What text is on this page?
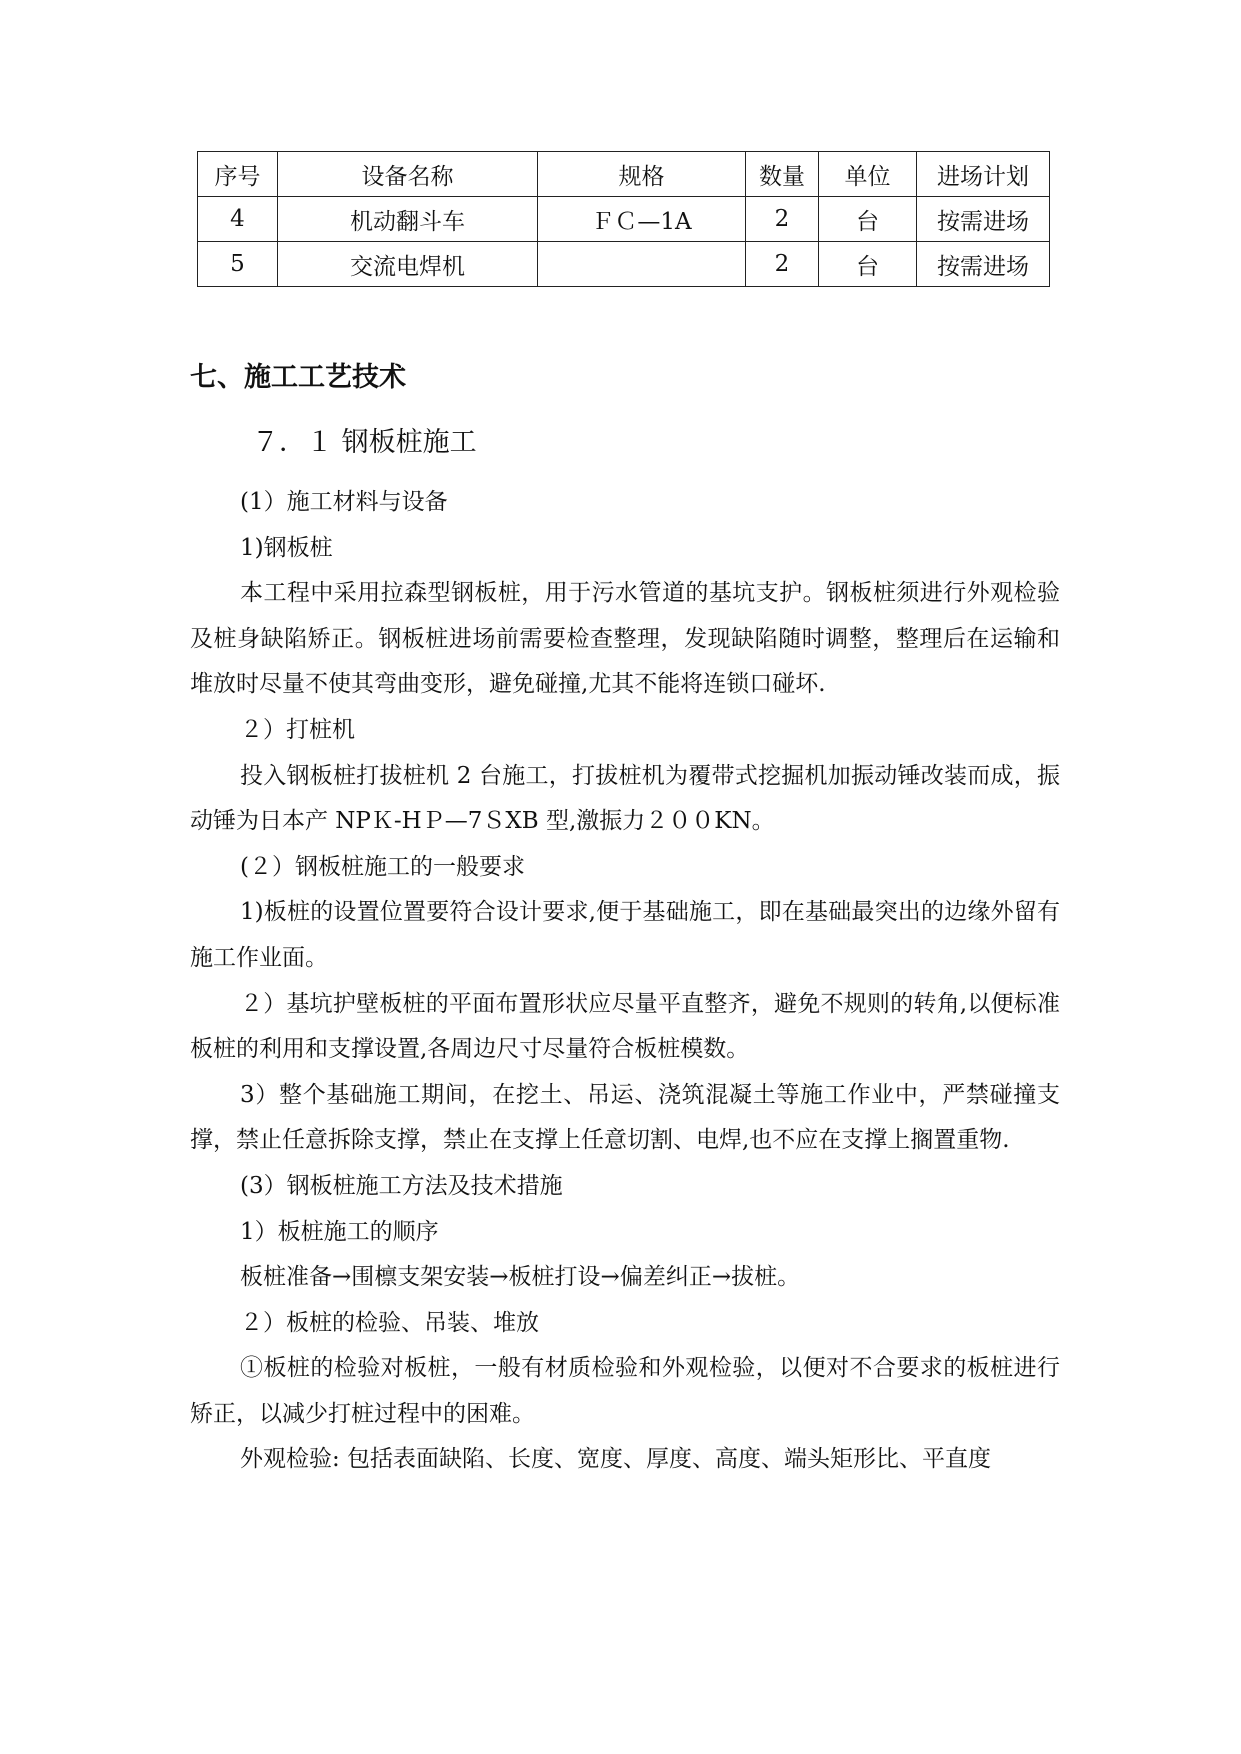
序号	设备名称	规格	数量	单位	进场计划
4	机动翻斗车	ＦＣ—1A	2	台	按需进场
5	交流电焊机		2	台	按需进场
七、施工工艺技术
７．１ 钢板桩施工

(1）施工材料与设备

1)钢板桩

本工程中采用拉森型钢板桩，用于污水管道的基坑支护。钢板桩须进行外观检验及桩身缺陷矫正。钢板桩进场前需要检查整理，发现缺陷随时调整，整理后在运输和堆放时尽量不使其弯曲变形，避免碰撞,尤其不能将连锁口碰坏.

２）打桩机

投入钢板桩打拔桩机 2 台施工，打拔桩机为覆带式挖掘机加振动锤改装而成，振动锤为日本产 NPＫ-HＰ—7ＳXB 型,激振力２００KN。

(２）钢板桩施工的一般要求

1)板桩的设置位置要符合设计要求,便于基础施工，即在基础最突出的边缘外留有施工作业面。

２）基坑护壁板桩的平面布置形状应尽量平直整齐，避免不规则的转角,以便标准板桩的利用和支撑设置,各周边尺寸尽量符合板桩模数。

3）整个基础施工期间，在挖土、吊运、浇筑混凝土等施工作业中，严禁碰撞支撑，禁止任意拆除支撑，禁止在支撑上任意切割、电焊,也不应在支撑上搁置重物.

(3）钢板桩施工方法及技术措施

1）板桩施工的顺序

板桩准备→围檩支架安装→板桩打设→偏差纠正→拔桩。

２）板桩的检验、吊装、堆放

①板桩的检验对板桩，一般有材质检验和外观检验，以便对不合要求的板桩进行矫正，以减少打桩过程中的困难。

外观检验: 包括表面缺陷、长度、宽度、厚度、高度、端头矩形比、平直度
